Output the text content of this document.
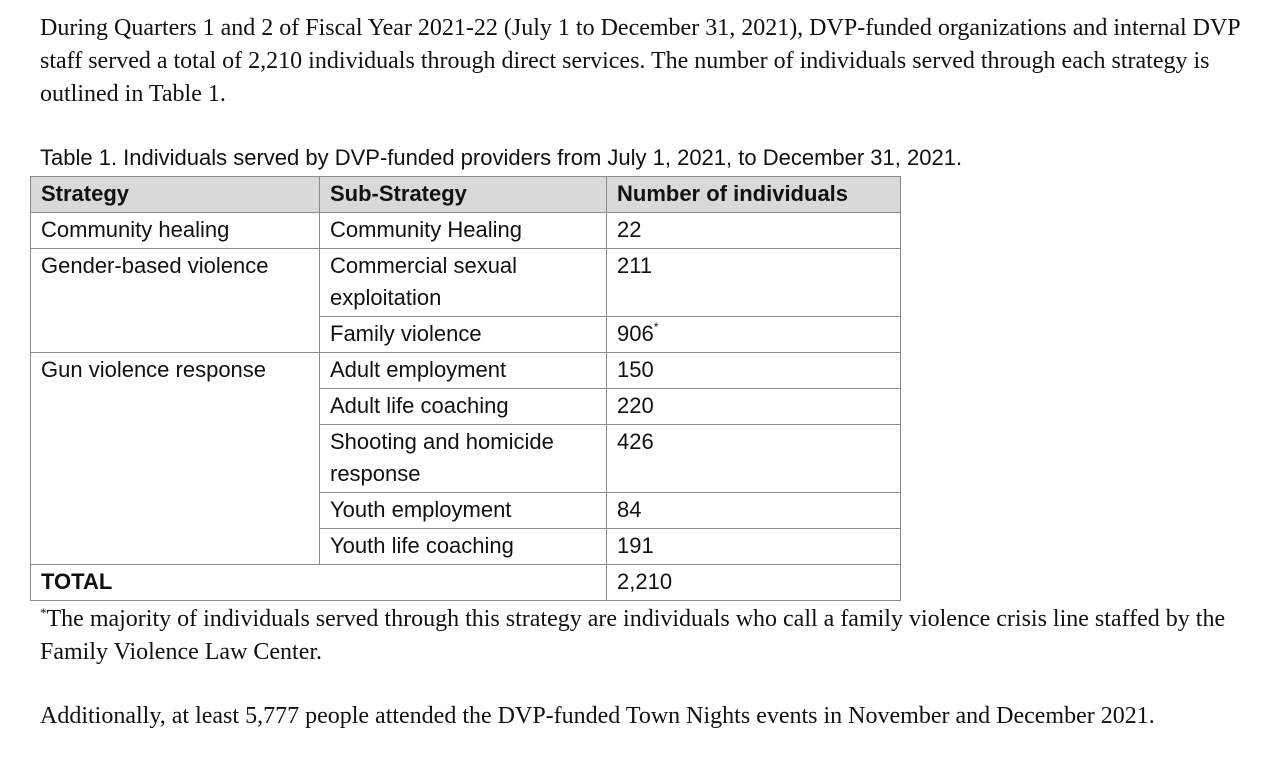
During Quarters 1 and 2 of Fiscal Year 2021-22 (July 1 to December 31, 2021), DVP-funded organizations and internal DVP staff served a total of 2,210 individuals through direct services. The number of individuals served through each strategy is outlined in Table 1.

Table 1. Individuals served by DVP-funded providers from July 1, 2021, to December 31, 2021.

Strategy	Sub-Strategy	Number of individuals
Community healing	Community Healing	22
Gender-based violence	Commercial sexual exploitation	211
	Family violence	906*
Gun violence response	Adult employment	150
	Adult life coaching	220
	Shooting and homicide response	426
	Youth employment	84
	Youth life coaching	191
TOTAL		2,210

*The majority of individuals served through this strategy are individuals who call a family violence crisis line staffed by the Family Violence Law Center.

Additionally, at least 5,777 people attended the DVP-funded Town Nights events in November and December 2021.
